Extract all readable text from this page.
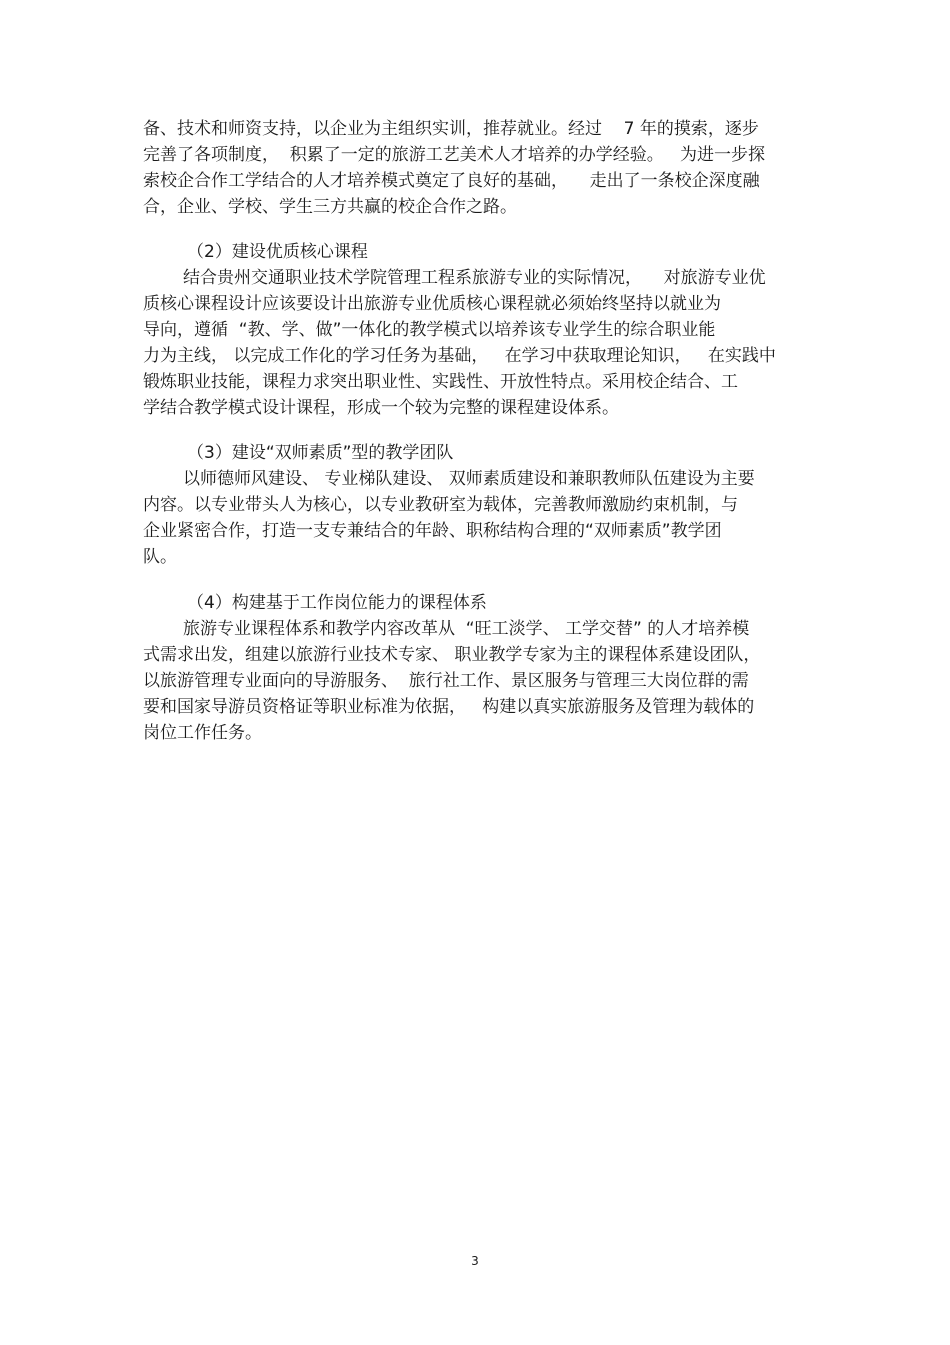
备、技术和师资支持，以企业为主组织实训，推荐就业。经过    7 年的摸索，逐步
完善了各项制度，  积累了一定的旅游工艺美术人才培养的办学经验。   为进一步探
索校企合作工学结合的人才培养模式奠定了良好的基础，    走出了一条校企深度融
合，企业、学校、学生三方共赢的校企合作之路。
（2）建设优质核心课程
结合贵州交通职业技术学院管理工程系旅游专业的实际情况，    对旅游专业优
质核心课程设计应该要设计出旅游专业优质核心课程就必须始终坚持以就业为
导向，遵循  “教、学、做”一体化的教学模式以培养该专业学生的综合职业能
力为主线， 以完成工作化的学习任务为基础，   在学习中获取理论知识，   在实践中
锻炼职业技能，课程力求突出职业性、实践性、开放性特点。采用校企结合、工
学结合教学模式设计课程，形成一个较为完整的课程建设体系。
（3）建设“双师素质”型的教学团队
以师德师风建设、 专业梯队建设、 双师素质建设和兼职教师队伍建设为主要
内容。以专业带头人为核心，以专业教研室为载体，完善教师激励约束机制，与
企业紧密合作，打造一支专兼结合的年龄、职称结构合理的“双师素质”教学团
队。
（4）构建基于工作岗位能力的课程体系
旅游专业课程体系和教学内容改革从  “旺工淡学、 工学交替” 的人才培养模
式需求出发，组建以旅游行业技术专家、 职业教学专家为主的课程体系建设团队，
以旅游管理专业面向的导游服务、  旅行社工作、景区服务与管理三大岗位群的需
要和国家导游员资格证等职业标准为依据，   构建以真实旅游服务及管理为载体的
岗位工作任务。
3
